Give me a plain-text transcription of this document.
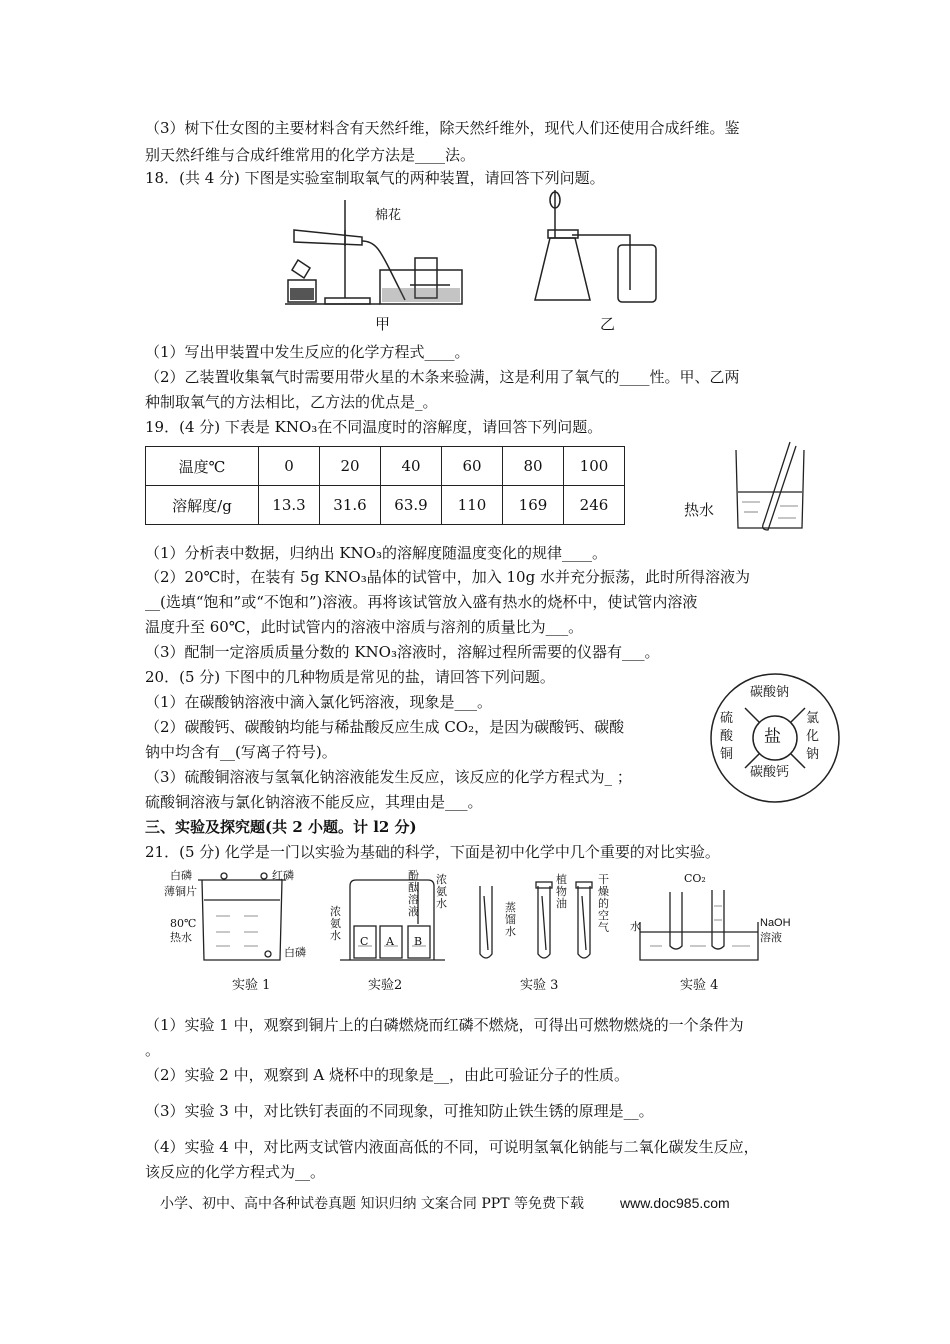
（3）树下仕女图的主要材料含有天然纤维，除天然纤维外，现代人们还使用合成纤维。鉴
别天然纤维与合成纤维常用的化学方法是____法。
18．(共 4 分) 下图是实验室制取氧气的两种装置，请回答下列问题。
棉花
甲	乙
（1）写出甲装置中发生反应的化学方程式____。
（2）乙装置收集氧气时需要用带火星的木条来验满，这是利用了氧气的____性。甲、乙两
种制取氧气的方法相比，乙方法的优点是_。
19．(4 分) 下表是 KNO₃在不同温度时的溶解度，请回答下列问题。
温度℃	0	20	40	60	80	100
溶解度/g	13.3	31.6	63.9	110	169	246	热水
（1）分析表中数据，归纳出 KNO₃的溶解度随温度变化的规律____。
（2）20℃时，在装有 5g KNO₃晶体的试管中，加入 10g 水并充分振荡，此时所得溶液为
__(选填“饱和”或“不饱和”)溶液。再将该试管放入盛有热水的烧杯中，使试管内溶液
温度升至 60℃，此时试管内的溶液中溶质与溶剂的质量比为___。
（3）配制一定溶质质量分数的 KNO₃溶液时，溶解过程所需要的仪器有___。
20．(5 分) 下图中的几种物质是常见的盐，请回答下列问题。
（1）在碳酸钠溶液中滴入氯化钙溶液，现象是___。
（2）碳酸钙、碳酸钠均能与稀盐酸反应生成 CO₂，是因为碳酸钙、碳酸
钠中均含有__(写离子符号)。
（3）硫酸铜溶液与氢氧化钠溶液能发生反应，该反应的化学方程式为_ ；
硫酸铜溶液与氯化钠溶液不能反应，其理由是___。
盐
碳酸钠
碳酸钙
氯化钠
硫酸铜
三、实验及探究题(共 2 小题。计 l2 分)
21．(5 分) 化学是一门以实验为基础的科学，下面是初中化学中几个重要的对比实验。
白磷	红磷
薄铜片
80℃
热水
白磷
实验 1
浓氨水
酚酞溶液
浓氨水
C A B
实验2
蒸馏水
植物油
干燥的空气
实验 3
CO₂
水	NaOH
溶液
实验 4
（1）实验 1 中，观察到铜片上的白磷燃烧而红磷不燃烧，可得出可燃物燃烧的一个条件为
。
（2）实验 2 中，观察到 A 烧杯中的现象是__，由此可验证分子的性质。
（3）实验 3 中，对比铁钉表面的不同现象，可推知防止铁生锈的原理是__。
（4）实验 4 中，对比两支试管内液面高低的不同，可说明氢氧化钠能与二氧化碳发生反应，
该反应的化学方程式为__。
小学、初中、高中各种试卷真题 知识归纳 文案合同 PPT 等免费下载	www.doc985.com
